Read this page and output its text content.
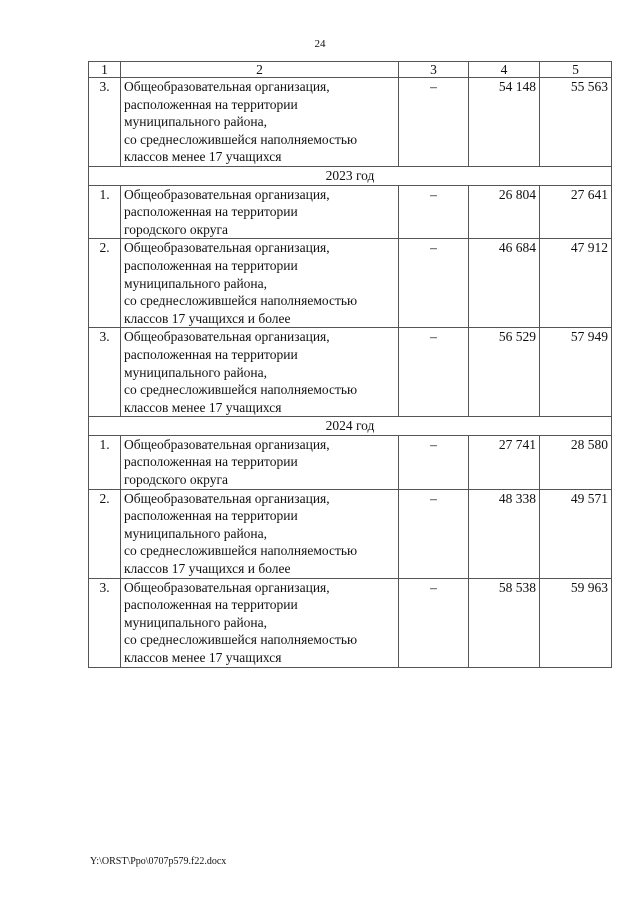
24
1	2	3	4	5
3.	Общеобразовательная организация,
расположенная на территории
муниципального района,
со среднесложившейся наполняемостью
классов менее 17 учащихся	–	54 148	55 563
2023 год				
1.	Общеобразовательная организация,
расположенная на территории
городского округа	–	26 804	27 641
2.	Общеобразовательная организация,
расположенная на территории
муниципального района,
со среднесложившейся наполняемостью
классов 17 учащихся и более	–	46 684	47 912
3.	Общеобразовательная организация,
расположенная на территории
муниципального района,
со среднесложившейся наполняемостью
классов менее 17 учащихся	–	56 529	57 949
2024 год				
1.	Общеобразовательная организация,
расположенная на территории
городского округа	–	27 741	28 580
2.	Общеобразовательная организация,
расположенная на территории
муниципального района,
со среднесложившейся наполняемостью
классов 17 учащихся и более	–	48 338	49 571
3.	Общеобразовательная организация,
расположенная на территории
муниципального района,
со среднесложившейся наполняемостью
классов менее 17 учащихся	–	58 538	59 963
Y:\ORST\Ppo\0707p579.f22.docx
